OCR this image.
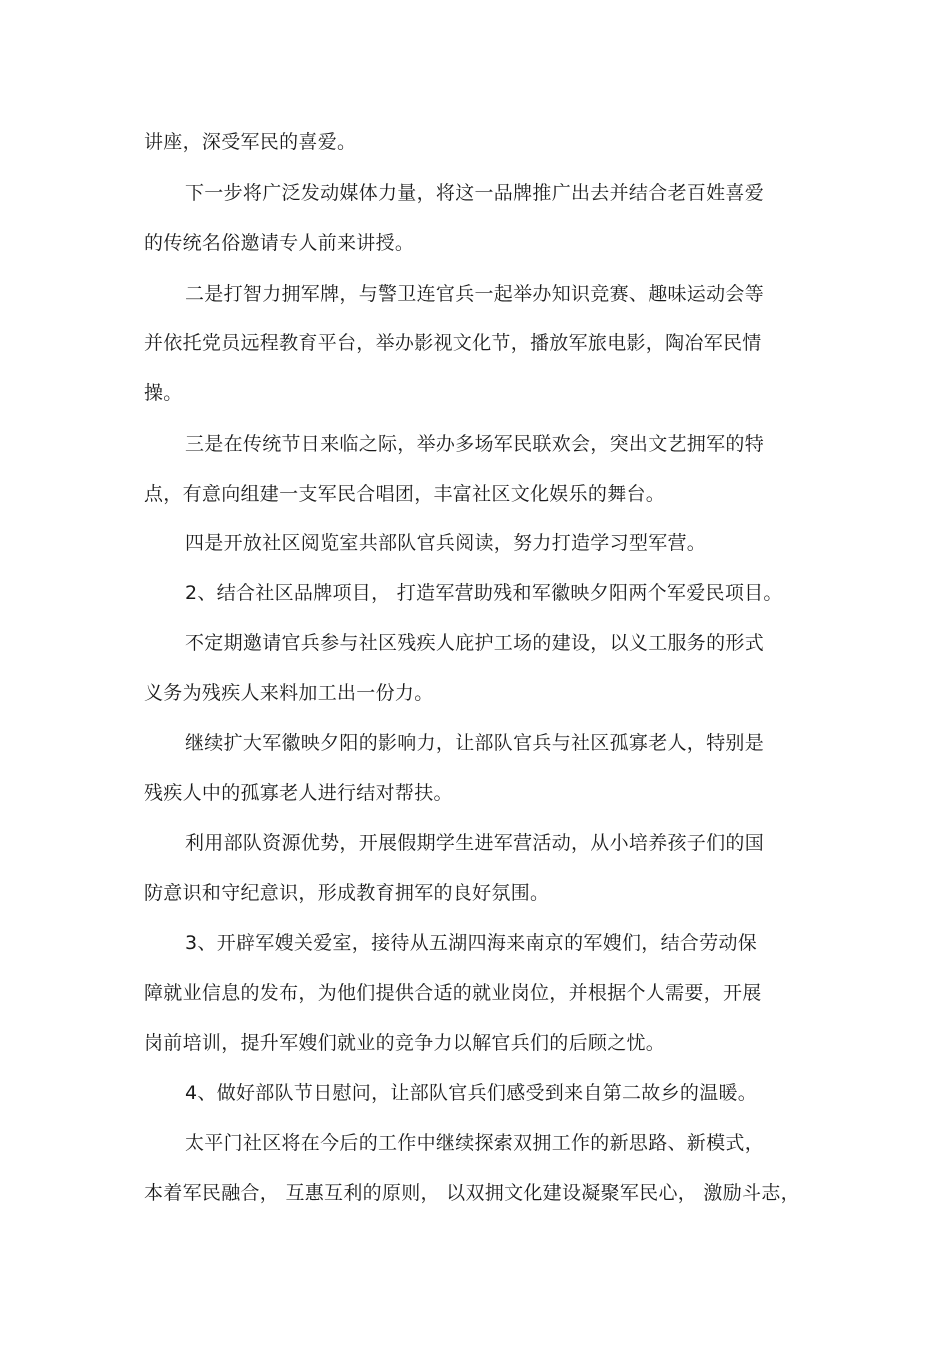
讲座，深受军民的喜爱。
下一步将广泛发动媒体力量，将这一品牌推广出去并结合老百姓喜爱
的传统名俗邀请专人前来讲授。
二是打智力拥军牌，与警卫连官兵一起举办知识竞赛、趣味运动会等
并依托党员远程教育平台，举办影视文化节，播放军旅电影，陶冶军民情
操。
三是在传统节日来临之际，举办多场军民联欢会，突出文艺拥军的特
点，有意向组建一支军民合唱团，丰富社区文化娱乐的舞台。
四是开放社区阅览室共部队官兵阅读，努力打造学习型军营。
2、结合社区品牌项目， 打造军营助残和军徽映夕阳两个军爱民项目。
不定期邀请官兵参与社区残疾人庇护工场的建设，以义工服务的形式
义务为残疾人来料加工出一份力。
继续扩大军徽映夕阳的影响力，让部队官兵与社区孤寡老人，特别是
残疾人中的孤寡老人进行结对帮扶。
利用部队资源优势，开展假期学生进军营活动，从小培养孩子们的国
防意识和守纪意识，形成教育拥军的良好氛围。
3、开辟军嫂关爱室，接待从五湖四海来南京的军嫂们，结合劳动保
障就业信息的发布，为他们提供合适的就业岗位，并根据个人需要，开展
岗前培训，提升军嫂们就业的竞争力以解官兵们的后顾之忧。
4、做好部队节日慰问，让部队官兵们感受到来自第二故乡的温暖。
太平门社区将在今后的工作中继续探索双拥工作的新思路、新模式，
本着军民融合， 互惠互利的原则， 以双拥文化建设凝聚军民心， 激励斗志，
